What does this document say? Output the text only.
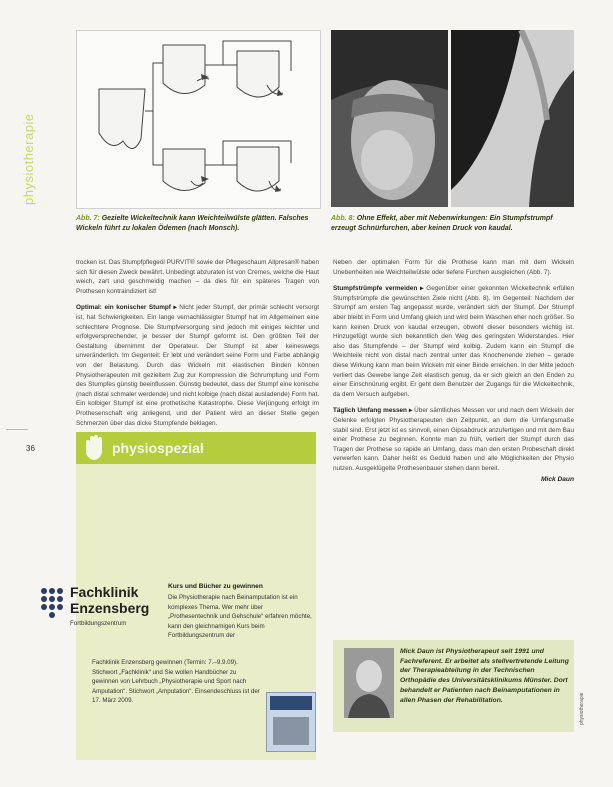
physiotherapie
36
Abb. 7: Gezielte Wickeltechnik kann Weichteilwülste glätten. Falsches Wickeln führt zu lokalen Ödemen (nach Monsch).
Abb. 8: Ohne Effekt, aber mit Nebenwirkungen: Ein Stumpfstrumpf erzeugt Schnürfurchen, aber keinen Druck von kaudal.

trocken ist. Das Stumpfpflegeöl PURVIT® sowie der Pflegeschaum Allpresan® haben sich für diesen Zweck bewährt. Unbedingt abzuraten ist von Cremes, welche die Haut weich, zart und geschmeidig machen – da dies für ein späteres Tragen von Prothesen kontraindiziert ist!

Optimal: ein konischer Stumpf ▸ Nicht jeder Stumpf, der primär schlecht versorgt ist, hat Schwierigkeiten. Ein lange vernachlässigter Stumpf hat im Allgemeinen eine schlechtere Prognose. Die Stumpfversorgung sind jedoch mit einiges leichter und erfolgversprechender, je besser der Stumpf geformt ist. Den größten Teil der Gestaltung übernimmt der Operateur. Der Stumpf ist aber keineswegs unveränderlich. Im Gegenteil: Er lebt und verändert seine Form und Farbe abhängig von der Belastung. Durch das Wickeln mit elastischen Binden können Physiotherapeuten mit gezieltem Zug zur Kompression die Schrumpfung und Form des Stumpfes günstig beeinflussen. Günstig bedeutet, dass der Stumpf eine konische (nach distal schmaler werdende) und nicht kolbige (nach distal ausladende) Form hat. Ein kolbiger Stumpf ist eine prothetische Katastrophe. Diese Verjüngung erfolgt im Prothesenschaft eng anliegend, und der Patient wird an dieser Stelle gegen Schmerzen über das dicke Stumpfende beklagen.

Neben der optimalen Form für die Prothese kann man mit dem Wickeln Unebenheiten wie Weichteilwülste oder tiefere Furchen ausgleichen (Abb. 7).

Stumpfstrümpfe vermeiden ▸ Gegenüber einer gekonnten Wickeltechnik erfüllen Stumpfstrümpfe die gewünschten Ziele nicht (Abb. 8). Im Gegenteil: Nachdem der Strumpf am ersten Tag angepasst wurde, verändert sich der Stumpf. Der Strumpf aber bleibt in Form und Umfang gleich und wird beim Waschen eher noch größer. So kann keinen Druck von kaudal erzeugen, obwohl dieser besonders wichtig ist. Hinzugefügt wurde sich bekanntlich den Weg des geringsten Widerstandes. Hier also das Stumpfende – der Stumpf wird kolbig. Zudem kann ein Stumpf die Weichteile nicht von distal nach zentral unter das Knochenende ziehen – gerade diese Wirkung kann man beim Wickeln mit einer Binde erreichen. In der Mitte jedoch verliert das Gewebe lange Zeit elastisch genug, da er sich gleich an den Enden zu einer Einschnürung ergibt. Er geht dem Benutzer der Zugangs für die Wickeltechnik, da dem Versuch aufgeben.

Täglich Umfang messen ▸ Über sämtliches Messen vor und nach dem Wickeln der Gelenke erfolgten Physiotherapeuten den Zeitpunkt, an dem die Umfangsmaße stabil sind. Erst jetzt ist es sinnvoll, einen Gipsabdruck anzufertigen und mit dem Bau einer Prothese zu beginnen. Konnte man zu früh, verliert der Stumpf durch das Tragen der Prothese so rapide an Umfang, dass man den ersten Probeschaft direkt verwerfen kann. Daher heißt es Geduld haben und alle Möglichkeiten der Physio nutzen. Ausgeklügelte Prothesenbauer stehen dann bereit.

Mick Daun
physiospezial
Fachklinik
Enzensberg
Fortbildungszentrum
Kurs und Bücher zu gewinnen
Die Physiotherapie nach Beinamputation ist ein komplexes Thema. Wer mehr über „Prothesentechnik und Gehschule“ erfahren möchte, kann den gleichnamigen Kurs beim Fortbildungszentrum der
Fachklinik Enzensberg gewinnen (Termin: 7.–9.9.09). Stichwort „Fachklinik“ und Sie wollen Handbücher zu gewinnen von Lehrbuch „Physiotherapie und Sport nach Amputation“. Stichwort „Amputation“. Einsendeschluss ist der 17. März 2009.
Mick Daun ist Physiotherapeut seit 1991 und Fachreferent. Er arbeitet als stellvertretende Leitung der Therapieabteilung in der Technischen Orthopädie des Universitätsklinikums Münster. Dort behandelt er Patienten nach Beinamputationen in allen Phasen der Rehabilitation.	physiotherapie
